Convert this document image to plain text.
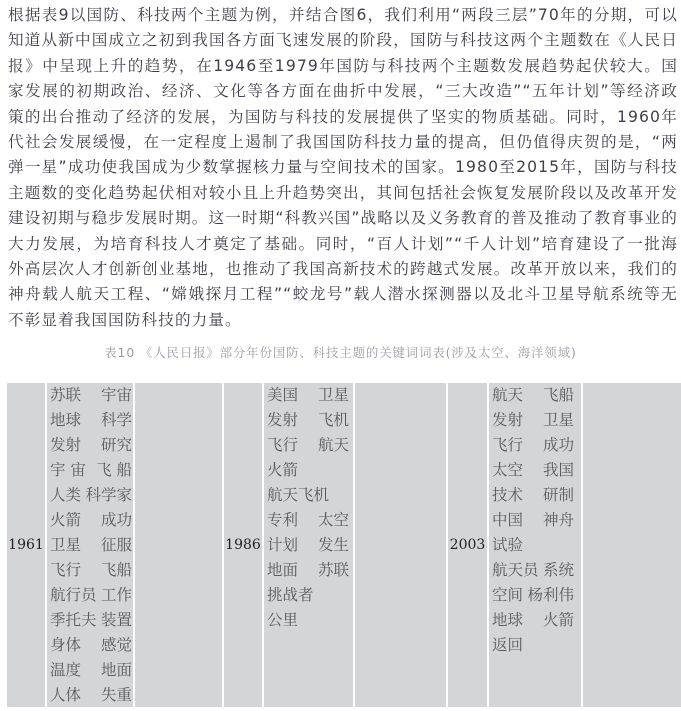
根据表9以国防、科技两个主题为例，并结合图6，我们利用“两段三层”70年的分期，可以知道从新中国成立之初到我国各方面飞速发展的阶段，国防与科技这两个主题数在《人民日报》中呈现上升的趋势，在1946至1979年国防与科技两个主题数发展趋势起伏较大。国家发展的初期政治、经济、文化等各方面在曲折中发展，“三大改造”“五年计划”等经济政策的出台推动了经济的发展，为国防与科技的发展提供了坚实的物质基础。同时，1960年代社会发展缓慢，在一定程度上遏制了我国国防科技力量的提高，但仍值得庆贺的是，“两弹一星”成功使我国成为少数掌握核力量与空间技术的国家。1980至2015年，国防与科技主题数的变化趋势起伏相对较小且上升趋势突出，其间包括社会恢复发展阶段以及改革开发建设初期与稳步发展时期。这一时期“科教兴国”战略以及义务教育的普及推动了教育事业的大力发展，为培育科技人才奠定了基础。同时，“百人计划”“千人计划”培育建设了一批海外高层次人才创新创业基地，也推动了我国高新技术的跨越式发展。改革开放以来，我们的神舟载人航天工程、“嫦娥探月工程”“蛟龙号”载人潜水探测器以及北斗卫星导航系统等无不彰显着我国国防科技的力量。

表10 《人民日报》部分年份国防、科技主题的关键词词表(涉及太空、海洋领域)

1961
苏联 宇宙
地球 科学
发射 研究
宇 宙 飞 船
人类 科学家
火箭 成功
卫星 征服
飞行 飞船
航行员 工作
季托夫 装置
身体 感觉
温度 地面
人体 失重
1986
美国 卫星
发射 飞机
飞行 航天
火箭
航天飞机
专利 太空
计划 发生
地面 苏联
挑战者
公里
2003
航天 飞船
发射 卫星
飞行 成功
太空 我国
技术 研制
中国 神舟
试验
航天员 系统
空间 杨利伟
地球 火箭
返回
